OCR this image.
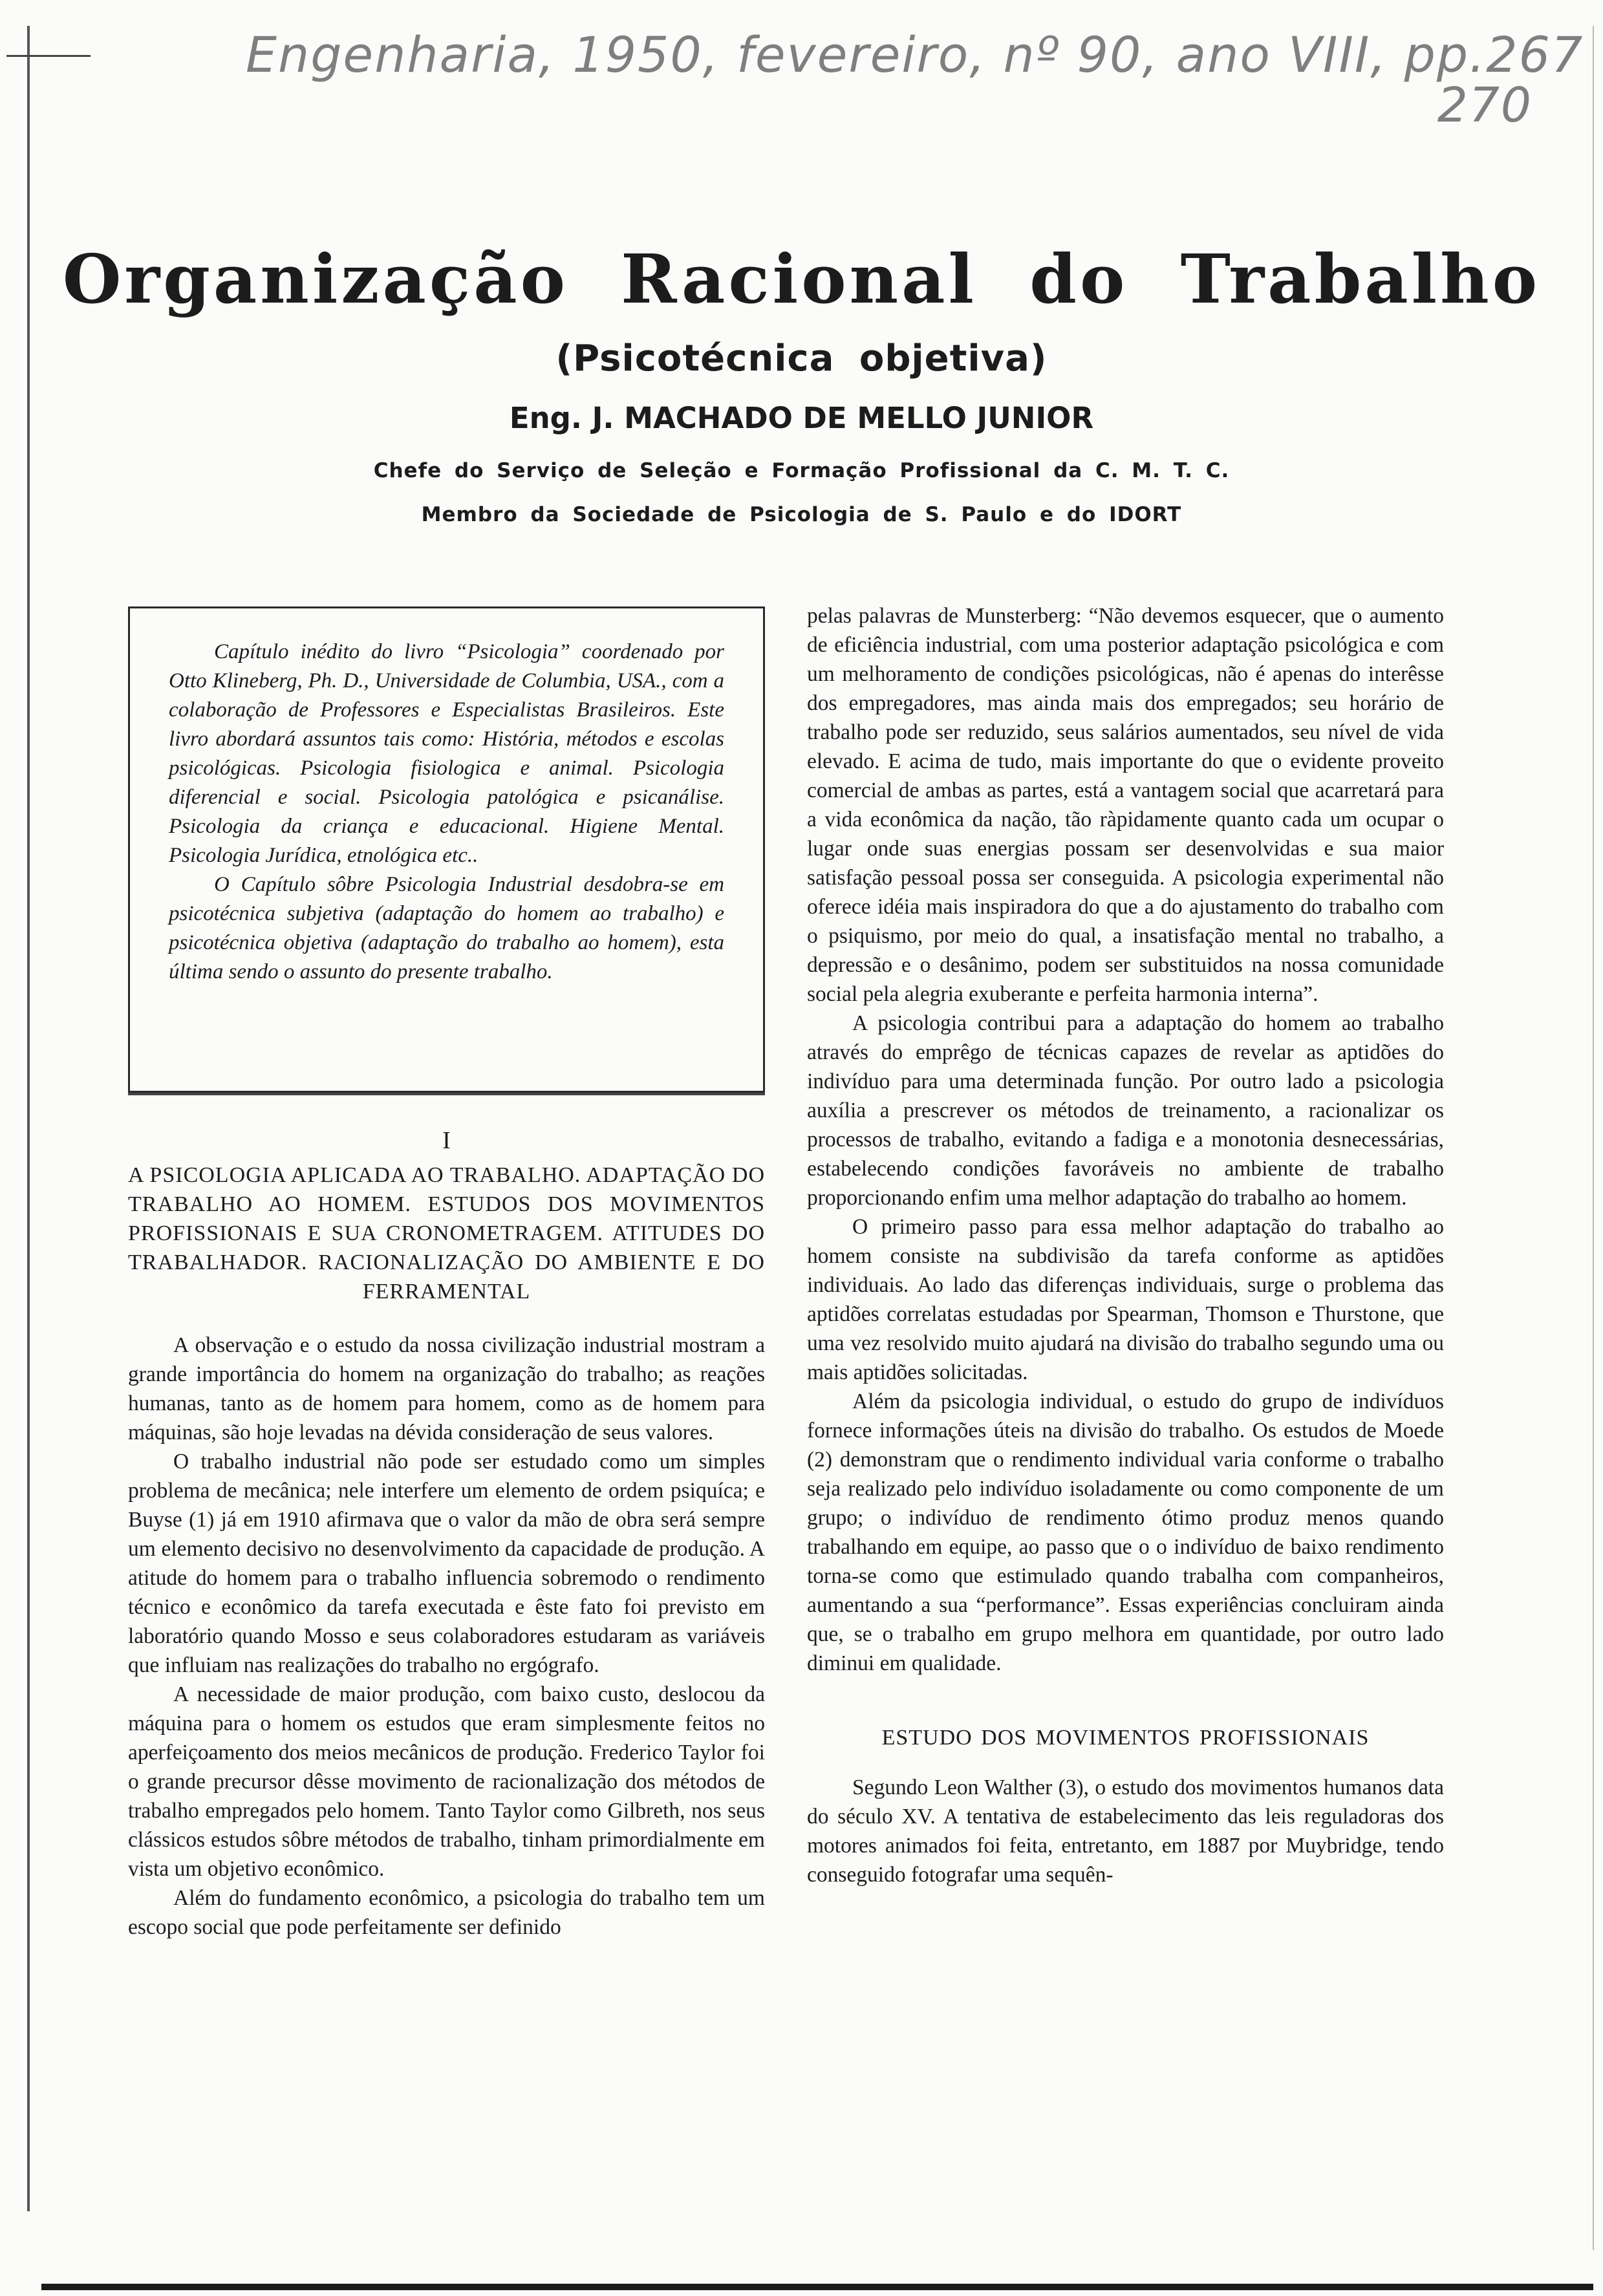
Engenharia, 1950, fevereiro, nº 90, ano VIII, pp.267
270
Organização Racional do Trabalho
(Psicotécnica objetiva)
Eng. J. MACHADO DE MELLO JUNIOR
Chefe do Serviço de Seleção e Formação Profissional da C. M. T. C.
Membro da Sociedade de Psicologia de S. Paulo e do IDORT

Capítulo inédito do livro “Psicologia” coordenado por Otto Klineberg, Ph. D., Universidade de Columbia, USA., com a colaboração de Professores e Especialistas Brasileiros. Este livro abordará assuntos tais como: História, métodos e escolas psicológicas. Psicologia fisiologica e animal. Psicologia diferencial e social. Psicologia patológica e psicanálise. Psicologia da criança e educacional. Higiene Mental. Psicologia Jurídica, etnológica etc..

O Capítulo sôbre Psicologia Industrial desdobra-se em psicotécnica subjetiva (adaptação do homem ao trabalho) e psicotécnica objetiva (adaptação do trabalho ao homem), esta última sendo o assunto do presente trabalho.

I
A PSICOLOGIA APLICADA AO TRABALHO. ADAPTAÇÃO DO TRABALHO AO HOMEM. ESTUDOS DOS MOVIMENTOS PROFISSIONAIS E SUA CRONOMETRAGEM. ATITUDES DO TRABALHADOR. RACIONALIZAÇÃO DO AMBIENTE E DO FERRAMENTAL

A observação e o estudo da nossa civilização industrial mostram a grande importância do homem na organização do trabalho; as reações humanas, tanto as de homem para homem, como as de homem para máquinas, são hoje levadas na dévida consideração de seus valores.

O trabalho industrial não pode ser estudado como um simples problema de mecânica; nele interfere um elemento de ordem psiquíca; e Buyse (1) já em 1910 afirmava que o valor da mão de obra será sempre um elemento decisivo no desenvolvimento da capacidade de produção. A atitude do homem para o trabalho influencia sobremodo o rendimento técnico e econômico da tarefa executada e êste fato foi previsto em laboratório quando Mosso e seus colaboradores estudaram as variáveis que influiam nas realizações do trabalho no ergógrafo.

A necessidade de maior produção, com baixo custo, deslocou da máquina para o homem os estudos que eram simplesmente feitos no aperfeiçoamento dos meios mecânicos de produção. Frederico Taylor foi o grande precursor dêsse movimento de racionalização dos métodos de trabalho empregados pelo homem. Tanto Taylor como Gilbreth, nos seus clássicos estudos sôbre métodos de trabalho, tinham primordialmente em vista um objetivo econômico.

Além do fundamento econômico, a psicologia do trabalho tem um escopo social que pode perfeitamente ser definido

pelas palavras de Munsterberg: “Não devemos esquecer, que o aumento de eficiência industrial, com uma posterior adaptação psicológica e com um melhoramento de condições psicológicas, não é apenas do interêsse dos empregadores, mas ainda mais dos empregados; seu horário de trabalho pode ser reduzido, seus salários aumentados, seu nível de vida elevado. E acima de tudo, mais importante do que o evidente proveito comercial de ambas as partes, está a vantagem social que acarretará para a vida econômica da nação, tão ràpidamente quanto cada um ocupar o lugar onde suas energias possam ser desenvolvidas e sua maior satisfação pessoal possa ser conseguida. A psicologia experimental não oferece idéia mais inspiradora do que a do ajustamento do trabalho com o psiquismo, por meio do qual, a insatisfação mental no trabalho, a depressão e o desânimo, podem ser substituidos na nossa comunidade social pela alegria exuberante e perfeita harmonia interna”.

A psicologia contribui para a adaptação do homem ao trabalho através do emprêgo de técnicas capazes de revelar as aptidões do indivíduo para uma determinada função. Por outro lado a psicologia auxília a prescrever os métodos de treinamento, a racionalizar os processos de trabalho, evitando a fadiga e a monotonia desnecessárias, estabelecendo condições favoráveis no ambiente de trabalho proporcionando enfim uma melhor adaptação do trabalho ao homem.

O primeiro passo para essa melhor adaptação do trabalho ao homem consiste na subdivisão da tarefa conforme as aptidões individuais. Ao lado das diferenças individuais, surge o problema das aptidões correlatas estudadas por Spearman, Thomson e Thurstone, que uma vez resolvido muito ajudará na divisão do trabalho segundo uma ou mais aptidões solicitadas.

Além da psicologia individual, o estudo do grupo de indivíduos fornece informações úteis na divisão do trabalho. Os estudos de Moede (2) demonstram que o rendimento individual varia conforme o trabalho seja realizado pelo indivíduo isoladamente ou como componente de um grupo; o indivíduo de rendimento ótimo produz menos quando trabalhando em equipe, ao passo que o o indivíduo de baixo rendimento torna-se como que estimulado quando trabalha com companheiros, aumentando a sua “performance”. Essas experiências concluiram ainda que, se o trabalho em grupo melhora em quantidade, por outro lado diminui em qualidade.

ESTUDO DOS MOVIMENTOS PROFISSIONAIS

Segundo Leon Walther (3), o estudo dos movimentos humanos data do século XV. A tentativa de estabelecimento das leis reguladoras dos motores animados foi feita, entretanto, em 1887 por Muybridge, tendo conseguido fotografar uma sequên-
